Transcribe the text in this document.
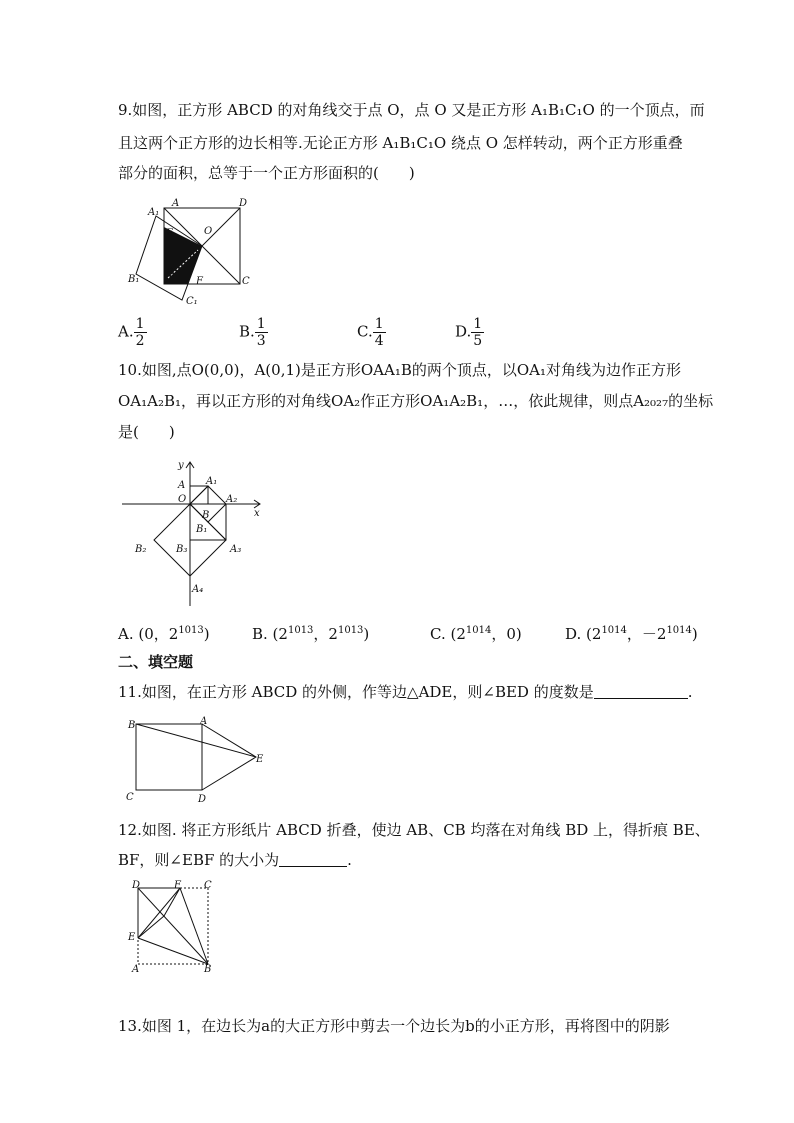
9.如图，正方形 ABCD 的对角线交于点 O，点 O 又是正方形 A₁B₁C₁O 的一个顶点，而
且这两个正方形的边长相等.无论正方形 A₁B₁C₁O 绕点 O 怎样转动，两个正方形重叠
部分的面积，总等于一个正方形面积的(　　)
A₁
A	D
E	O
B₁
B
C
F
C₁
A. $\frac{1}{2}$	B. $\frac{1}{3}$	C. $\frac{1}{4}$	D. $\frac{1}{5}$
10.如图,点O(0,0)，A(0,1)是正方形OAA₁B的两个顶点，以OA₁对角线为边作正方形
OA₁A₂B₁，再以正方形的对角线OA₂作正方形OA₁A₂B₁，…，依此规律，则点A₂₀₂₇的坐标
是(　　)
y
A A₁
O	A₂
x
B
B₁
B₂	B₃	A₃
A₄
A. (0，$2^{1013}$)	B. ($2^{1013}$，$2^{1013}$)	C. ($2^{1014}$，0)	D. ($2^{1014}$，$-2^{1014}$)
二、填空题
11.如图，在正方形 ABCD 的外侧，作等边△ADE，则∠BED 的度数是	.
B	A
E
C	D
12.如图. 将正方形纸片 ABCD 折叠，使边 AB、CB 均落在对角线 BD 上，得折痕 BE、
BF，则∠EBF 的大小为	.
D	F C
E
A	B
13.如图 1，在边长为a的大正方形中剪去一个边长为b的小正方形，再将图中的阴影
